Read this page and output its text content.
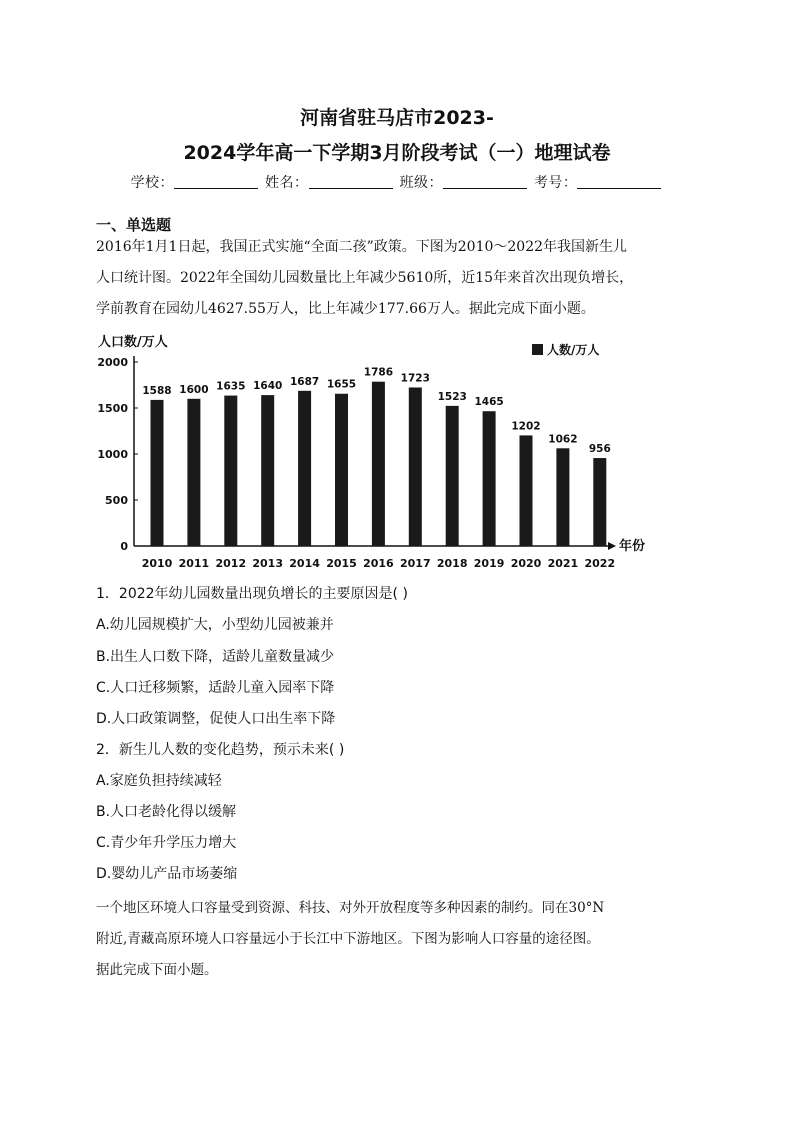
河南省驻马店市2023-
2024学年高一下学期3月阶段考试（一）地理试卷
学校：	姓名：	班级：	考号：
一、单选题
2016年1月1日起，我国正式实施“全面二孩”政策。下图为2010～2022年我国新生儿
人口统计图。2022年全国幼儿园数量比上年减少5610所，近15年来首次出现负增长，
学前教育在园幼儿4627.55万人，比上年减少177.66万人。据此完成下面小题。
0
500
1000
1500
2000
人口数/万人
年份
人数/万人
1588
2010
1600
2011
1635
2012
1640
2013
1687
2014
1655
2015
1786
2016
1723
2017
1523
2018
1465
2019
1202
2020
1062
2021
956
2022
1．2022年幼儿园数量出现负增长的主要原因是( )
A.幼儿园规模扩大，小型幼儿园被兼并
B.出生人口数下降，适龄儿童数量减少
C.人口迁移频繁，适龄儿童入园率下降
D.人口政策调整，促使人口出生率下降
2．新生儿人数的变化趋势，预示未来( )
A.家庭负担持续减轻
B.人口老龄化得以缓解
C.青少年升学压力增大
D.婴幼儿产品市场萎缩
一个地区环境人口容量受到资源、科技、对外开放程度等多种因素的制约。同在30°N
附近,青藏高原环境人口容量远小于长江中下游地区。下图为影响人口容量的途径图。
据此完成下面小题。
